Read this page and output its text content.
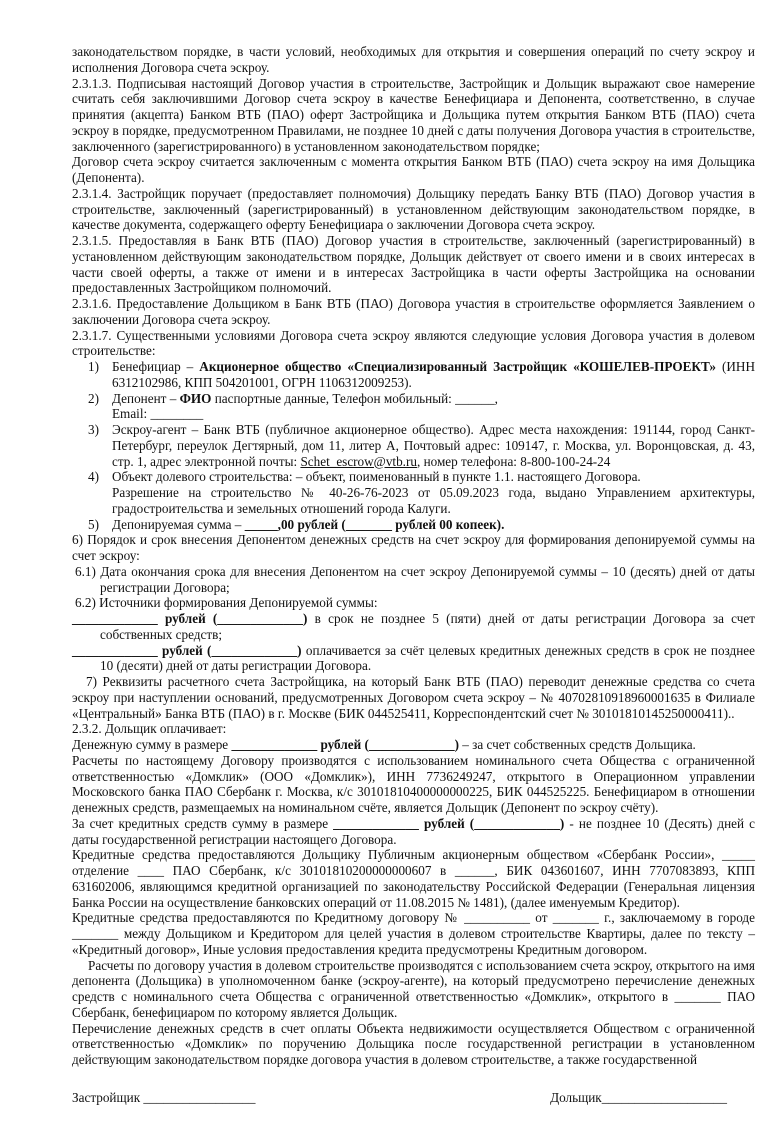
законодательством порядке, в части условий, необходимых для открытия и совершения операций по счету эскроу и исполнения Договора счета эскроу.
2.3.1.3. Подписывая настоящий Договор участия в строительстве, Застройщик и Дольщик выражают свое намерение считать себя заключившими Договор счета эскроу в качестве Бенефициара и Депонента, соответственно, в случае принятия (акцепта) Банком ВТБ (ПАО) оферт Застройщика и Дольщика путем открытия Банком ВТБ (ПАО) счета эскроу в порядке, предусмотренном Правилами, не позднее 10 дней с даты получения Договора участия в строительстве, заключенного (зарегистрированного) в установленном законодательством порядке;
Договор счета эскроу считается заключенным с момента открытия Банком ВТБ (ПАО) счета эскроу на имя Дольщика (Депонента).
2.3.1.4. Застройщик поручает (предоставляет полномочия) Дольщику передать Банку ВТБ (ПАО) Договор участия в строительстве, заключенный (зарегистрированный) в установленном действующим законодательством порядке, в качестве документа, содержащего оферту Бенефициара о заключении Договора счета эскроу.
2.3.1.5. Предоставляя в Банк ВТБ (ПАО) Договор участия в строительстве, заключенный (зарегистрированный) в установленном действующим законодательством порядке, Дольщик действует от своего имени и в своих интересах в части своей оферты, а также от имени и в интересах Застройщика в части оферты Застройщика на основании предоставленных Застройщиком полномочий.
2.3.1.6. Предоставление Дольщиком в Банк ВТБ (ПАО) Договора участия в строительстве оформляется Заявлением о заключении Договора счета эскроу.
2.3.1.7. Существенными условиями Договора счета эскроу являются следующие условия Договора участия в долевом строительстве:
1) Бенефициар – Акционерное общество «Специализированный Застройщик «КОШЕЛЕВ-ПРОЕКТ» (ИНН 6312102986, КПП 504201001, ОГРН 1106312009253).
2) Депонент – ФИО паспортные данные, Телефон мобильный: ______,
Email: ________
3) Эскроу-агент – Банк ВТБ (публичное акционерное общество). Адрес места нахождения: 191144, город Санкт-Петербург, переулок Дегтярный, дом 11, литер А, Почтовый адрес: 109147, г. Москва, ул. Воронцовская, д. 43, стр. 1, адрес электронной почты: Schet_escrow@vtb.ru, номер телефона: 8-800-100-24-24
4) Объект долевого строительства: – объект, поименованный в пункте 1.1. настоящего Договора.
Разрешение на строительство № 40-26-76-2023 от 05.09.2023 года, выдано Управлением архитектуры, градостроительства и земельных отношений города Калуги.
5) Депонируемая сумма – _____,00 рублей (_______ рублей 00 копеек).
6) Порядок и срок внесения Депонентом денежных средств на счет эскроу для формирования депонируемой суммы на счет эскроу:
6.1) Дата окончания срока для внесения Депонентом на счет эскроу Депонируемой суммы – 10 (десять) дней от даты регистрации Договора;
6.2) Источники формирования Депонируемой суммы:
_____________ рублей (_____________) в срок не позднее 5 (пяти) дней от даты регистрации Договора за счет собственных средств;
_____________ рублей (_____________) оплачивается за счёт целевых кредитных денежных средств в срок не позднее 10 (десяти) дней от даты регистрации Договора.
7) Реквизиты расчетного счета Застройщика, на который Банк ВТБ (ПАО) переводит денежные средства со счета эскроу при наступлении оснований, предусмотренных Договором счета эскроу – № 40702810918960001635 в Филиале «Центральный» Банка ВТБ (ПАО) в г. Москве (БИК 044525411, Корреспондентский счет № 30101810145250000411)..
2.3.2. Дольщик оплачивает:
Денежную сумму в размере _____________ рублей (_____________) – за счет собственных средств Дольщика.
Расчеты по настоящему Договору производятся с использованием номинального счета Общества с ограниченной ответственностью «Домклик» (ООО «Домклик»), ИНН 7736249247, открытого в Операционном управлении Московского банка ПАО Сбербанк г. Москва, к/с 30101810400000000225, БИК 044525225. Бенефициаром в отношении денежных средств, размещаемых на номинальном счёте, является Дольщик (Депонент по эскроу счёту).
За счет кредитных средств сумму в размере _____________ рублей (_____________) - не позднее 10 (Десять) дней с даты государственной регистрации настоящего Договора.
Кредитные средства предоставляются Дольщику Публичным акционерным обществом «Сбербанк России», _____ отделение ____ ПАО Сбербанк, к/с 30101810200000000607 в ______, БИК 043601607, ИНН 7707083893, КПП 631602006, являющимся кредитной организацией по законодательству Российской Федерации (Генеральная лицензия Банка России на осуществление банковских операций от 11.08.2015 № 1481), (далее именуемым Кредитор).
Кредитные средства предоставляются по Кредитному договору № __________ от _______ г., заключаемому в городе _______ между Дольщиком и Кредитором для целей участия в долевом строительстве Квартиры, далее по тексту – «Кредитный договор», Иные условия предоставления кредита предусмотрены Кредитным договором.
Расчеты по договору участия в долевом строительстве производятся с использованием счета эскроу, открытого на имя депонента (Дольщика) в уполномоченном банке (эскроу-агенте), на который предусмотрено перечисление денежных средств с номинального счета Общества с ограниченной ответственностью «Домклик», открытого в _______ ПАО Сбербанк, бенефициаром по которому является Дольщик.
Перечисление денежных средств в счет оплаты Объекта недвижимости осуществляется Обществом с ограниченной ответственностью «Домклик» по поручению Дольщика после государственной регистрации в установленном действующим законодательством порядке договора участия в долевом строительстве, а также государственной
Застройщик _________________	Дольщик___________________
